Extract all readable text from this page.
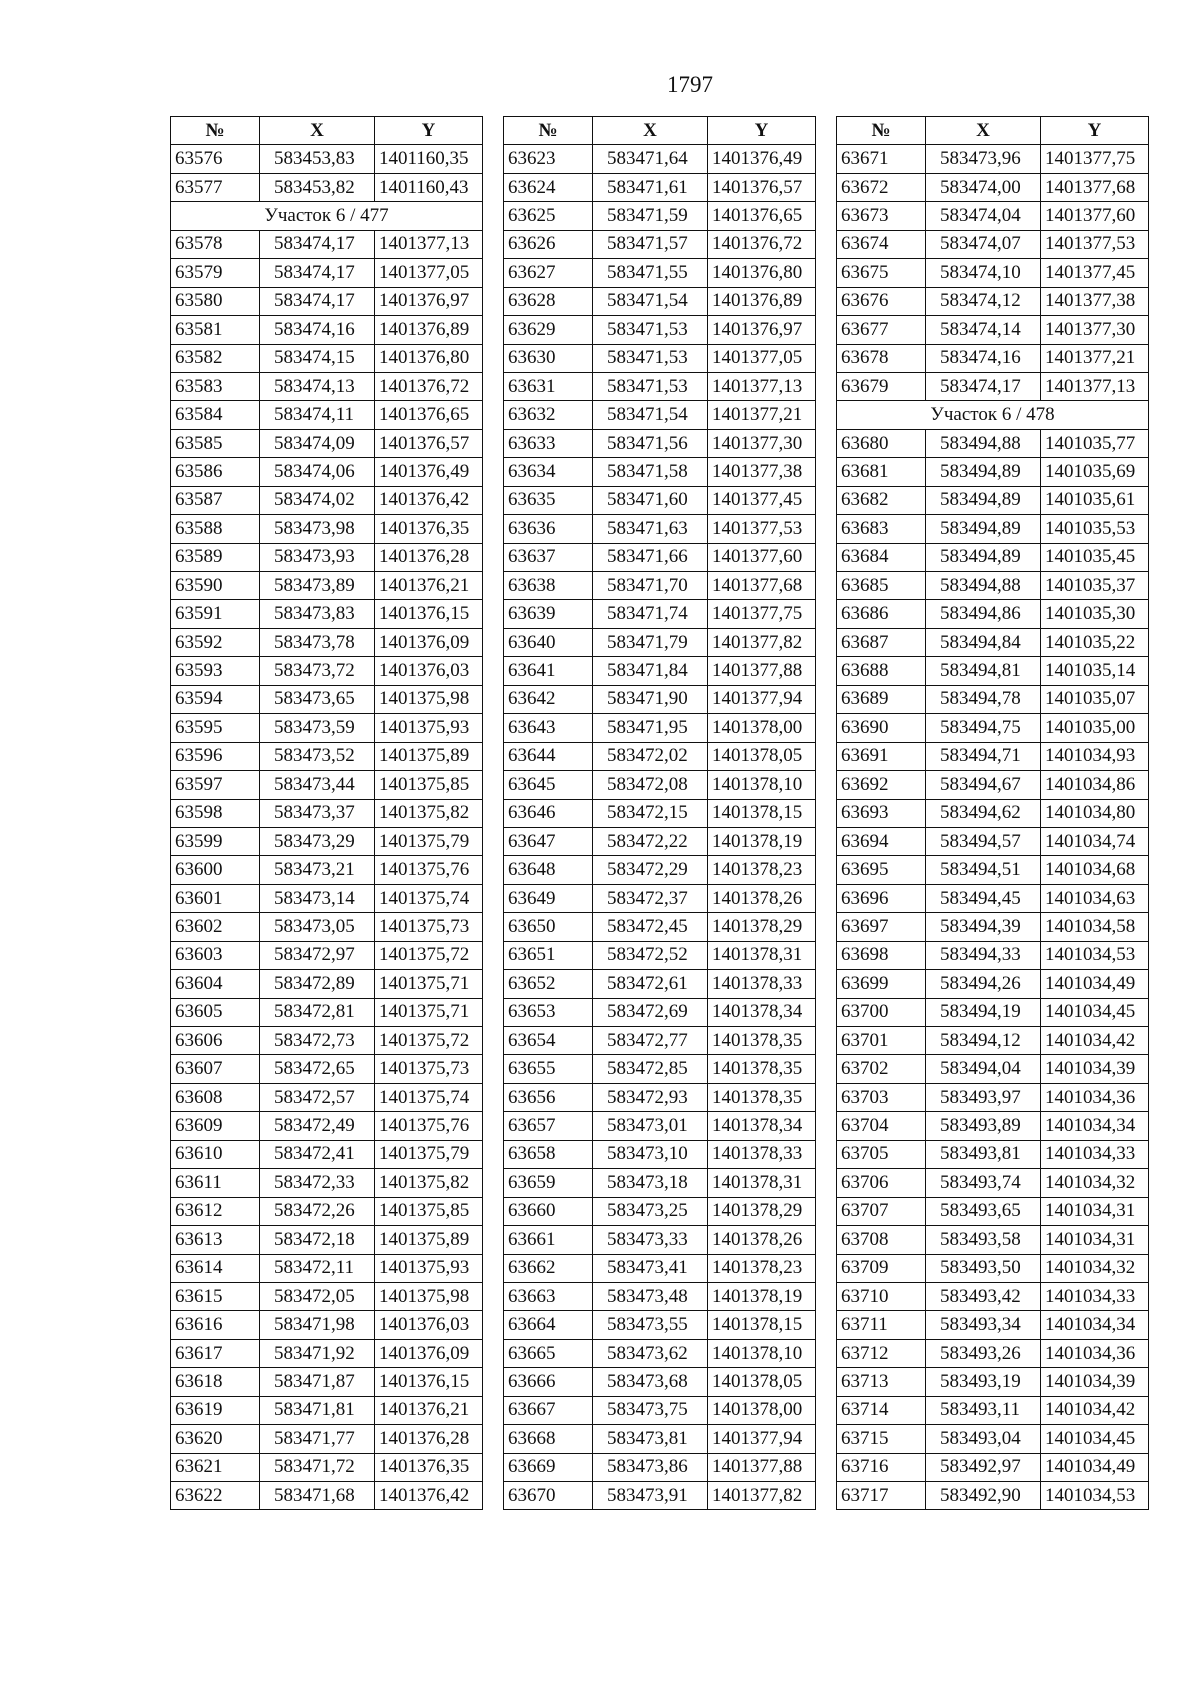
1797
№	X	Y
63576	583453,83	1401160,35
63577	583453,82	1401160,43
Участок 6 / 477		
63578	583474,17	1401377,13
63579	583474,17	1401377,05
63580	583474,17	1401376,97
63581	583474,16	1401376,89
63582	583474,15	1401376,80
63583	583474,13	1401376,72
63584	583474,11	1401376,65
63585	583474,09	1401376,57
63586	583474,06	1401376,49
63587	583474,02	1401376,42
63588	583473,98	1401376,35
63589	583473,93	1401376,28
63590	583473,89	1401376,21
63591	583473,83	1401376,15
63592	583473,78	1401376,09
63593	583473,72	1401376,03
63594	583473,65	1401375,98
63595	583473,59	1401375,93
63596	583473,52	1401375,89
63597	583473,44	1401375,85
63598	583473,37	1401375,82
63599	583473,29	1401375,79
63600	583473,21	1401375,76
63601	583473,14	1401375,74
63602	583473,05	1401375,73
63603	583472,97	1401375,72
63604	583472,89	1401375,71
63605	583472,81	1401375,71
63606	583472,73	1401375,72
63607	583472,65	1401375,73
63608	583472,57	1401375,74
63609	583472,49	1401375,76
63610	583472,41	1401375,79
63611	583472,33	1401375,82
63612	583472,26	1401375,85
63613	583472,18	1401375,89
63614	583472,11	1401375,93
63615	583472,05	1401375,98
63616	583471,98	1401376,03
63617	583471,92	1401376,09
63618	583471,87	1401376,15
63619	583471,81	1401376,21
63620	583471,77	1401376,28
63621	583471,72	1401376,35
63622	583471,68	1401376,42
№	X	Y
63623	583471,64	1401376,49
63624	583471,61	1401376,57
63625	583471,59	1401376,65
63626	583471,57	1401376,72
63627	583471,55	1401376,80
63628	583471,54	1401376,89
63629	583471,53	1401376,97
63630	583471,53	1401377,05
63631	583471,53	1401377,13
63632	583471,54	1401377,21
63633	583471,56	1401377,30
63634	583471,58	1401377,38
63635	583471,60	1401377,45
63636	583471,63	1401377,53
63637	583471,66	1401377,60
63638	583471,70	1401377,68
63639	583471,74	1401377,75
63640	583471,79	1401377,82
63641	583471,84	1401377,88
63642	583471,90	1401377,94
63643	583471,95	1401378,00
63644	583472,02	1401378,05
63645	583472,08	1401378,10
63646	583472,15	1401378,15
63647	583472,22	1401378,19
63648	583472,29	1401378,23
63649	583472,37	1401378,26
63650	583472,45	1401378,29
63651	583472,52	1401378,31
63652	583472,61	1401378,33
63653	583472,69	1401378,34
63654	583472,77	1401378,35
63655	583472,85	1401378,35
63656	583472,93	1401378,35
63657	583473,01	1401378,34
63658	583473,10	1401378,33
63659	583473,18	1401378,31
63660	583473,25	1401378,29
63661	583473,33	1401378,26
63662	583473,41	1401378,23
63663	583473,48	1401378,19
63664	583473,55	1401378,15
63665	583473,62	1401378,10
63666	583473,68	1401378,05
63667	583473,75	1401378,00
63668	583473,81	1401377,94
63669	583473,86	1401377,88
63670	583473,91	1401377,82
№	X	Y
63671	583473,96	1401377,75
63672	583474,00	1401377,68
63673	583474,04	1401377,60
63674	583474,07	1401377,53
63675	583474,10	1401377,45
63676	583474,12	1401377,38
63677	583474,14	1401377,30
63678	583474,16	1401377,21
63679	583474,17	1401377,13
Участок 6 / 478		
63680	583494,88	1401035,77
63681	583494,89	1401035,69
63682	583494,89	1401035,61
63683	583494,89	1401035,53
63684	583494,89	1401035,45
63685	583494,88	1401035,37
63686	583494,86	1401035,30
63687	583494,84	1401035,22
63688	583494,81	1401035,14
63689	583494,78	1401035,07
63690	583494,75	1401035,00
63691	583494,71	1401034,93
63692	583494,67	1401034,86
63693	583494,62	1401034,80
63694	583494,57	1401034,74
63695	583494,51	1401034,68
63696	583494,45	1401034,63
63697	583494,39	1401034,58
63698	583494,33	1401034,53
63699	583494,26	1401034,49
63700	583494,19	1401034,45
63701	583494,12	1401034,42
63702	583494,04	1401034,39
63703	583493,97	1401034,36
63704	583493,89	1401034,34
63705	583493,81	1401034,33
63706	583493,74	1401034,32
63707	583493,65	1401034,31
63708	583493,58	1401034,31
63709	583493,50	1401034,32
63710	583493,42	1401034,33
63711	583493,34	1401034,34
63712	583493,26	1401034,36
63713	583493,19	1401034,39
63714	583493,11	1401034,42
63715	583493,04	1401034,45
63716	583492,97	1401034,49
63717	583492,90	1401034,53
